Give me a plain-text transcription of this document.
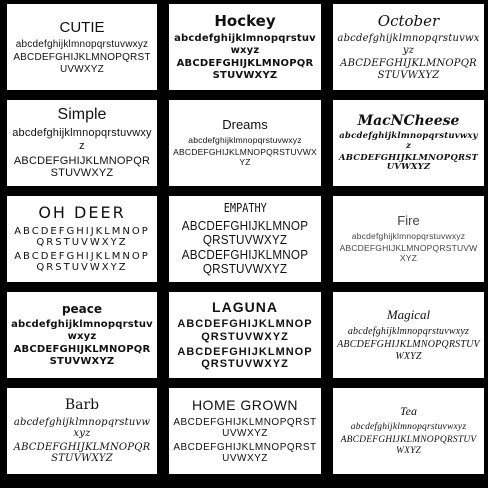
CUTIE
abcdefghijklmnopqrstuvwxyz
ABCDEFGHIJKLMNOPQRSTUVWXYZ
Hockey
abcdefghijklmnopqrstuvwxyz
ABCDEFGHIJKLMNOPQRSTUVWXYZ
October
abcdefghijklmnopqrstuvwxyz
ABCDEFGHIJKLMNOPQRSTUVWXYZ
Simple
abcdefghijklmnopqrstuvwxyz
ABCDEFGHIJKLMNOPQRSTUVWXYZ
Dreams
abcdefghijklmnopqrstuvwxyz
ABCDEFGHIJKLMNOPQRSTUVWXYZ
MacNCheese
abcdefghijklmnopqrstuvwxyz
ABCDEFGHIJKLMNOPQRSTUVWXYZ
OH DEER
ABCDEFGHIJKLMNOPQRSTUVWXYZ
ABCDEFGHIJKLMNOPQRSTUVWXYZ
EMPATHY
ABCDEFGHIJKLMNOPQRSTUVWXYZ
ABCDEFGHIJKLMNOPQRSTUVWXYZ
Fire
abcdefghijklmnopqrstuvwxyz
ABCDEFGHIJKLMNOPQRSTUVWXYZ
peace
abcdefghijklmnopqrstuvwxyz
ABCDEFGHIJKLMNOPQRSTUVWXYZ
LAGUNA
ABCDEFGHIJKLMNOPQRSTUVWXYZ
ABCDEFGHIJKLMNOPQRSTUVWXYZ
Magical
abcdefghijklmnopqrstuvwxyz
ABCDEFGHIJKLMNOPQRSTUVWXYZ
Barb
abcdefghijklmnopqrstuvwxyz
ABCDEFGHIJKLMNOPQRSTUVWXYZ
HOME GROWN
ABCDEFGHIJKLMNOPQRSTUVWXYZ
ABCDEFGHIJKLMNOPQRSTUVWXYZ
Tea
abcdefghijklmnopqrstuvwxyz
ABCDEFGHIJKLMNOPQRSTUVWXYZ
